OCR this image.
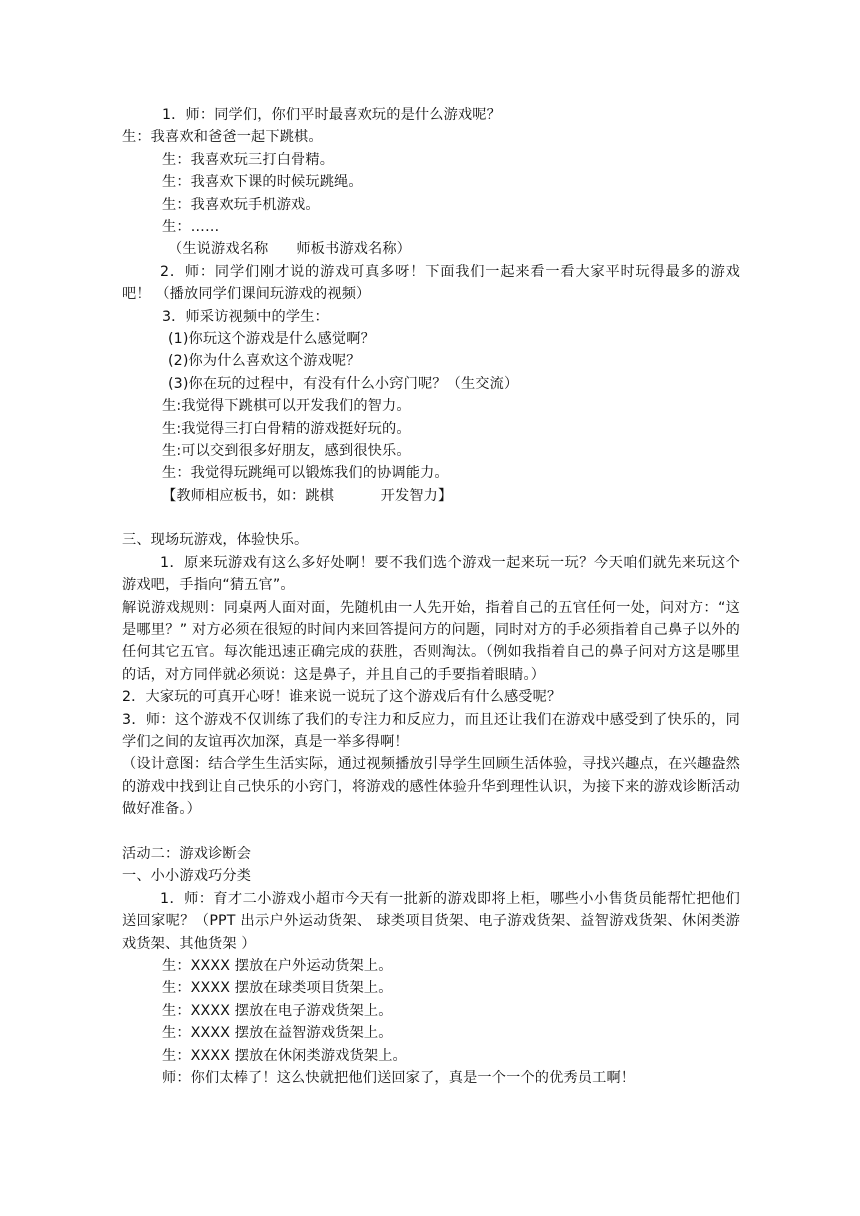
1．师：同学们，你们平时最喜欢玩的是什么游戏呢？
生：我喜欢和爸爸一起下跳棋。
生：我喜欢玩三打白骨精。
生：我喜欢下课的时候玩跳绳。
生：我喜欢玩手机游戏。
生：……
（生说游戏名称      师板书游戏名称）
2．师：同学们刚才说的游戏可真多呀！下面我们一起来看一看大家平时玩得最多的游戏吧！ （播放同学们课间玩游戏的视频）
3．师采访视频中的学生：
(1)你玩这个游戏是什么感觉啊？
(2)你为什么喜欢这个游戏呢？
(3)你在玩的过程中，有没有什么小窍门呢？（生交流）
生:我觉得下跳棋可以开发我们的智力。
生:我觉得三打白骨精的游戏挺好玩的。
生:可以交到很多好朋友，感到很快乐。
生：我觉得玩跳绳可以锻炼我们的协调能力。
【教师相应板书，如：跳棋          开发智力】
三、现场玩游戏，体验快乐。
1．原来玩游戏有这么多好处啊！要不我们选个游戏一起来玩一玩？今天咱们就先来玩这个游戏吧，手指向“猜五官”。
解说游戏规则：同桌两人面对面，先随机由一人先开始，指着自己的五官任何一处，问对方：“这是哪里？” 对方必须在很短的时间内来回答提问方的问题，同时对方的手必须指着自己鼻子以外的任何其它五官。每次能迅速正确完成的获胜，否则淘汰。（例如我指着自己的鼻子问对方这是哪里的话，对方同伴就必须说：这是鼻子，并且自己的手要指着眼睛。）
2．大家玩的可真开心呀！谁来说一说玩了这个游戏后有什么感受呢？
3．师：这个游戏不仅训练了我们的专注力和反应力，而且还让我们在游戏中感受到了快乐的，同学们之间的友谊再次加深，真是一举多得啊！
（设计意图：结合学生生活实际，通过视频播放引导学生回顾生活体验，寻找兴趣点，在兴趣盎然的游戏中找到让自己快乐的小窍门，将游戏的感性体验升华到理性认识，为接下来的游戏诊断活动做好准备。）
活动二：游戏诊断会
一、小小游戏巧分类
1．师：育才二小游戏小超市今天有一批新的游戏即将上柜，哪些小小售货员能帮忙把他们送回家呢？（PPT 出示户外运动货架、 球类项目货架、电子游戏货架、益智游戏货架、休闲类游戏货架、其他货架 ）
生：XXXX 摆放在户外运动货架上。
生：XXXX 摆放在球类项目货架上。
生：XXXX 摆放在电子游戏货架上。
生：XXXX 摆放在益智游戏货架上。
生：XXXX 摆放在休闲类游戏货架上。
师：你们太棒了！这么快就把他们送回家了，真是一个一个的优秀员工啊！
